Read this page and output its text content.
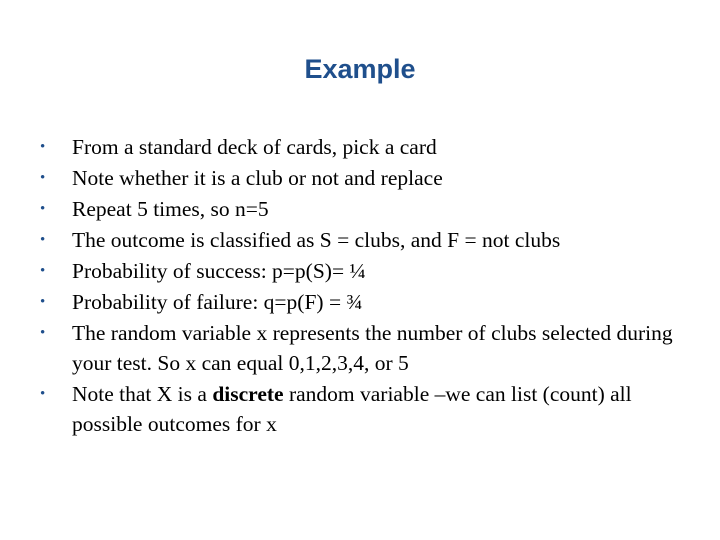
Example
•	From a standard deck of cards, pick a card
•	Note whether it is a club or not and replace
•	Repeat 5 times, so n=5
•	The outcome is classified as S = clubs, and F = not clubs
•	Probability of success: p=p(S)= ¼
•	Probability of failure: q=p(F) = ¾
•	The random variable x represents the number of clubs selected during your test. So x can equal 0,1,2,3,4, or 5
•	Note that X is a discrete random variable –we can list (count) all possible outcomes for x
